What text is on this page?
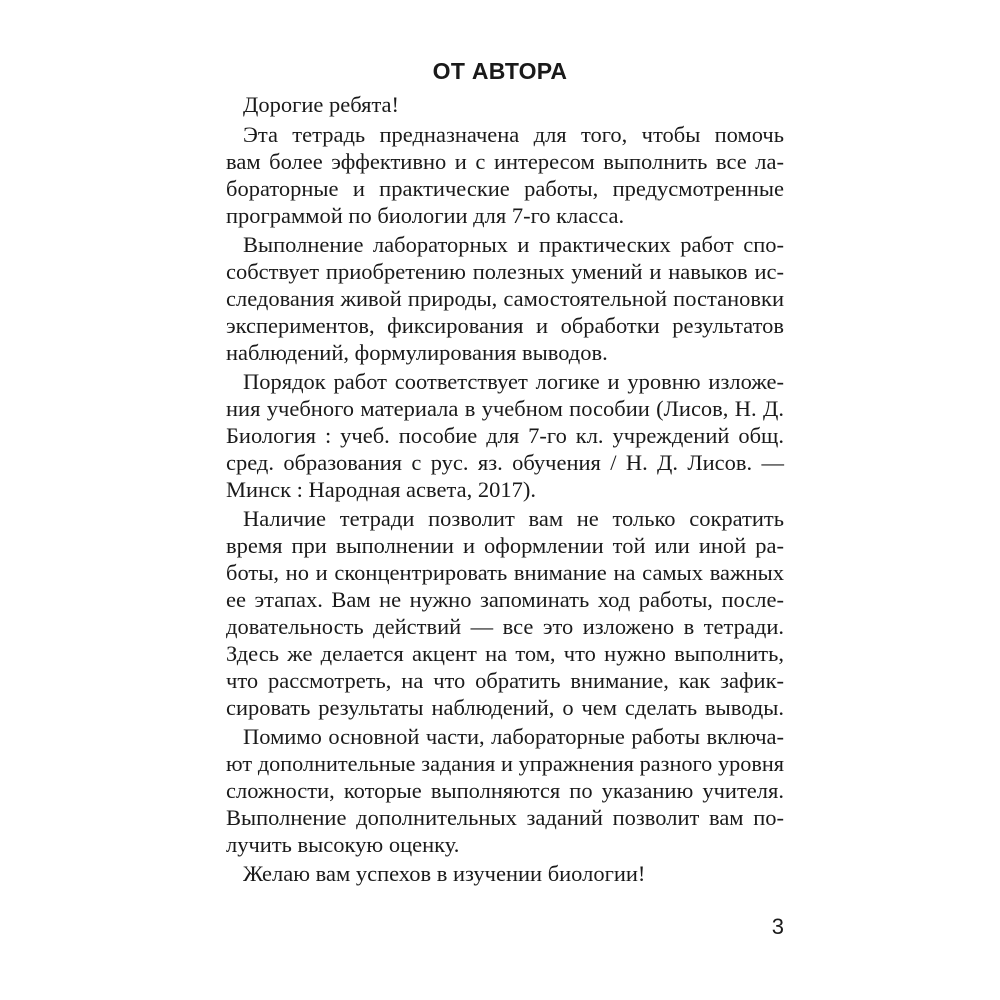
ОТ АВТОРА
Дорогие ребята!
Эта тетрадь предназначена для того, чтобы помочь
вам более эффективно и с интересом выполнить все ла-
бораторные и практические работы, предусмотренные
программой по биологии для 7-го класса.
Выполнение лабораторных и практических работ спо-
собствует приобретению полезных умений и навыков ис-
следования живой природы, самостоятельной постановки
экспериментов, фиксирования и обработки результатов
наблюдений, формулирования выводов.
Порядок работ соответствует логике и уровню изложе-
ния учебного материала в учебном пособии (Лисов, Н. Д.
Биология : учеб. пособие для 7-го кл. учреждений общ.
сред. образования с рус. яз. обучения / Н. Д. Лисов. —
Минск : Народная асвета, 2017).
Наличие тетради позволит вам не только сократить
время при выполнении и оформлении той или иной ра-
боты, но и сконцентрировать внимание на самых важных
ее этапах. Вам не нужно запоминать ход работы, после-
довательность действий — все это изложено в тетради.
Здесь же делается акцент на том, что нужно выполнить,
что рассмотреть, на что обратить внимание, как зафик-
сировать результаты наблюдений, о чем сделать выводы.
Помимо основной части, лабораторные работы включа-
ют дополнительные задания и упражнения разного уровня
сложности, которые выполняются по указанию учителя.
Выполнение дополнительных заданий позволит вам по-
лучить высокую оценку.
Желаю вам успехов в изучении биологии!
3
